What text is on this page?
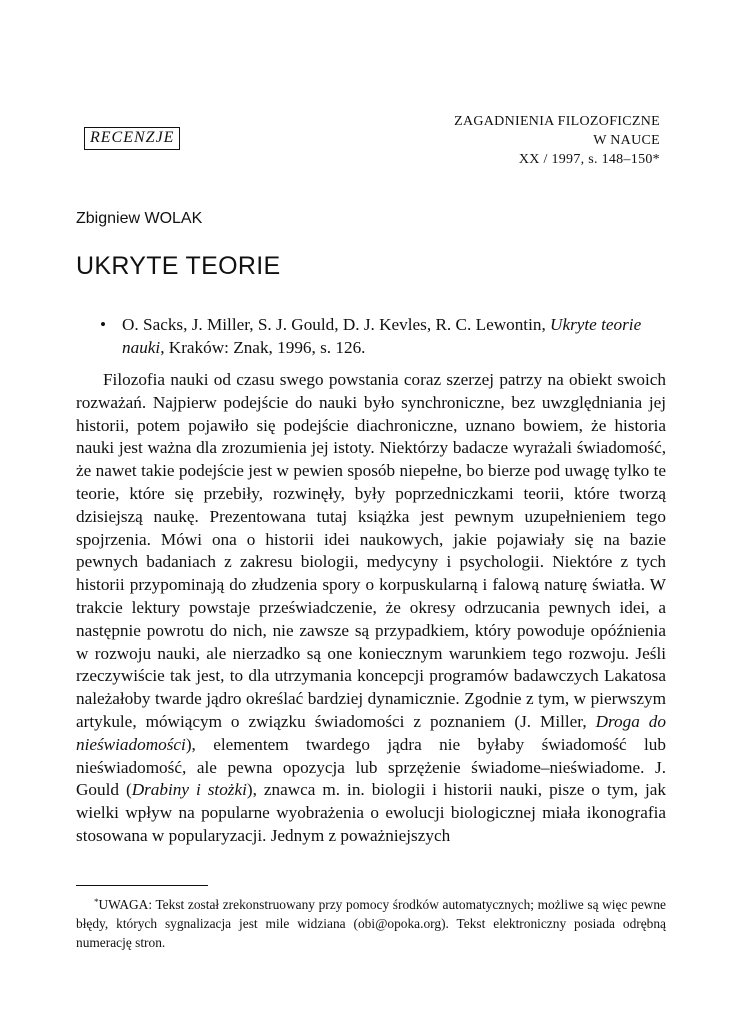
ZAGADNIENIA FILOZOFICZNE
W NAUCE
XX / 1997, s. 148–150*
RECENZJE
Zbigniew WOLAK
UKRYTE TEORIE
• O. Sacks, J. Miller, S. J. Gould, D. J. Kevles, R. C. Lewontin, Ukryte teorie nauki, Kraków: Znak, 1996, s. 126.

Filozofia nauki od czasu swego powstania coraz szerzej patrzy na obiekt swoich rozważań. Najpierw podejście do nauki było synchroniczne, bez uwzględniania jej historii, potem pojawiło się podejście diachroniczne, uznano bowiem, że historia nauki jest ważna dla zrozumienia jej istoty. Niektórzy badacze wyrażali świadomość, że nawet takie podejście jest w pewien sposób niepełne, bo bierze pod uwagę tylko te teorie, które się przebiły, rozwinęły, były poprzedniczkami teorii, które tworzą dzisiejszą naukę. Prezentowana tutaj książka jest pewnym uzupełnieniem tego spojrzenia. Mówi ona o historii idei naukowych, jakie pojawiały się na bazie pewnych badaniach z zakresu biologii, medycyny i psychologii. Niektóre z tych historii przypominają do złudzenia spory o korpuskularną i falową naturę światła. W trakcie lektury powstaje przeświadczenie, że okresy odrzucania pewnych idei, a następnie powrotu do nich, nie zawsze są przypadkiem, który powoduje opóźnienia w rozwoju nauki, ale nierzadko są one koniecznym warunkiem tego rozwoju. Jeśli rzeczywiście tak jest, to dla utrzymania koncepcji programów badawczych Lakatosa należałoby twarde jądro określać bardziej dynamicznie. Zgodnie z tym, w pierwszym artykule, mówiącym o związku świadomości z poznaniem (J. Miller, Droga do nieświadomości), elementem twardego jądra nie byłaby świadomość lub nieświadomość, ale pewna opozycja lub sprzężenie świadome–nieświadome. J. Gould (Drabiny i stożki), znawca m. in. biologii i historii nauki, pisze o tym, jak wielki wpływ na popularne wyobrażenia o ewolucji biologicznej miała ikonografia stosowana w popularyzacji. Jednym z poważniejszych

*UWAGA: Tekst został zrekonstruowany przy pomocy środków automatycznych; możliwe są więc pewne błędy, których sygnalizacja jest mile widziana (obi@opoka.org). Tekst elektroniczny posiada odrębną numerację stron.
